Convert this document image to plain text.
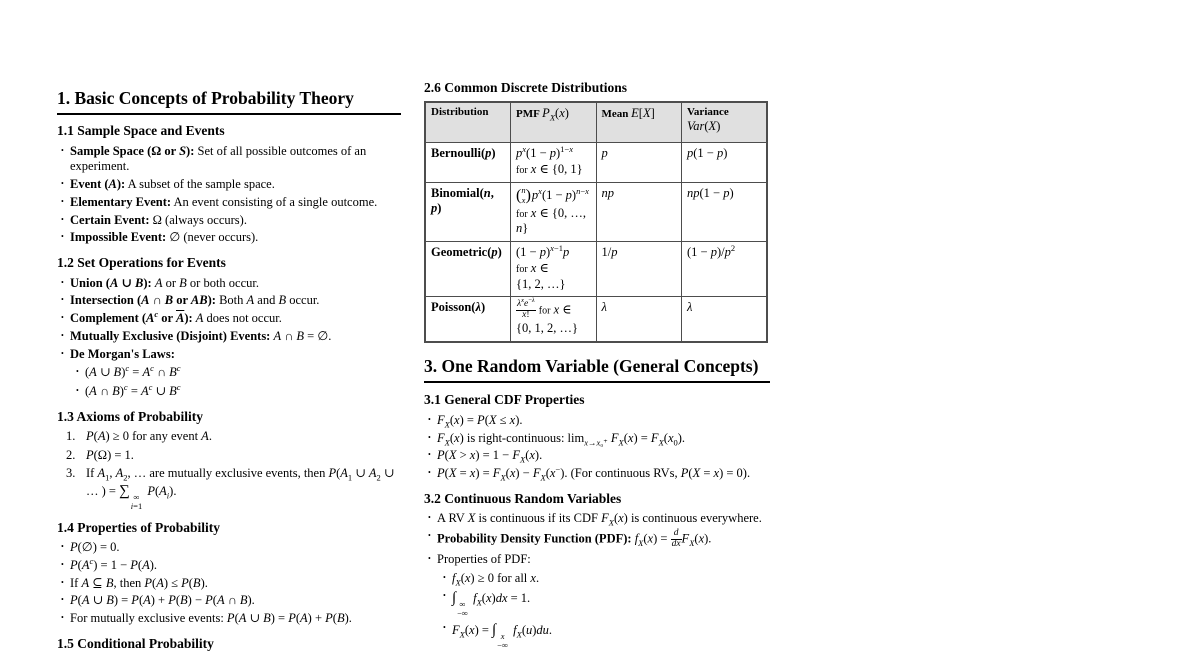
1. Basic Concepts of Probability Theory
1.1 Sample Space and Events
• Sample Space (Ω or S): Set of all possible outcomes of an experiment.
• Event (A): A subset of the sample space.
• Elementary Event: An event consisting of a single outcome.
• Certain Event: Ω (always occurs).
• Impossible Event: ∅ (never occurs).
1.2 Set Operations for Events
• Union (A ∪ B): A or B or both occur.
• Intersection (A ∩ B or AB): Both A and B occur.
• Complement ($A^c$ or $\overline{A}$): A does not occur.
• Mutually Exclusive (Disjoint) Events: A ∩ B = ∅.
• De Morgan's Laws:
• (A ∪ $B)^c = A^c$ ∩ $B^c$
• (A ∩ $B)^c = A^c$ ∪ $B^c$
1.3 Axioms of Probability
1. P(A) ≥ 0 for any event A.
2. P(Ω) = 1.
3. If $A_1$, $A_2$, … are mutually exclusive events, then $P(A_1$ ∪ $A_2$ ∪ … ) = ∑ ∞
i=1
$P(A_i)$.
1.4 Properties of Probability
• P(∅) = 0.
• $P(A^c) = 1 - P(A)$.
• If A ⊆ B, then P(A) ≤ P(B).
• P(A ∪ B) = P(A) + P(B) − P(A ∩ B).
• For mutually exclusive events: P(A ∪ B) = P(A) + P(B).
1.5 Conditional Probability
2.6 Common Discrete Distributions
Distribution	PMF $P_X(x)$	Mean E[X]	Variance
Var(X)
Bernoulli(p)	$p^x(1 - p)^{1-x}$
for x ∈ {0, 1}	p	p(1 − p)
Binomial(n, p)	( n
x ) $p^x(1 - p)^{n-x}$ for x ∈ {0, …, n}	np	np(1 − p)
Geometric(p)	$(1 - p)^{x-1}p$
for x ∈
{1, 2, …}	1/p	$(1 - p)/p^2$
Poisson(λ)	$\frac{\lambda^xe^{-\lambda}}{x!}$ for x ∈
{0, 1, 2, …}	λ	λ
3. One Random Variable (General Concepts)
3.1 General CDF Properties
• $F_X(x) = P(X \le x)$.
• $F_X(x)$ is right-continuous: $\lim_{x\to x_0^+} F_X(x) = F_X(x_0)$.
• $P(X > x) = 1 - F_X(x)$.
• $P(X = x) = F_X(x) - F_X(x^-)$. (For continuous RVs, P(X = x) = 0).
3.2 Continuous Random Variables
• A RV X is continuous if its CDF $F_X(x)$ is continuous everywhere.
• Probability Density Function (PDF): $f_X(x) = \frac{d}{dx} F_X(x)$.
• Properties of PDF:
• $f_X(x) \ge 0$ for all x.
• ∫ ∞
−∞
$f_X(x)dx = 1$.
• $F_X(x)$ = ∫ x
−∞
$f_X(u)du$.
